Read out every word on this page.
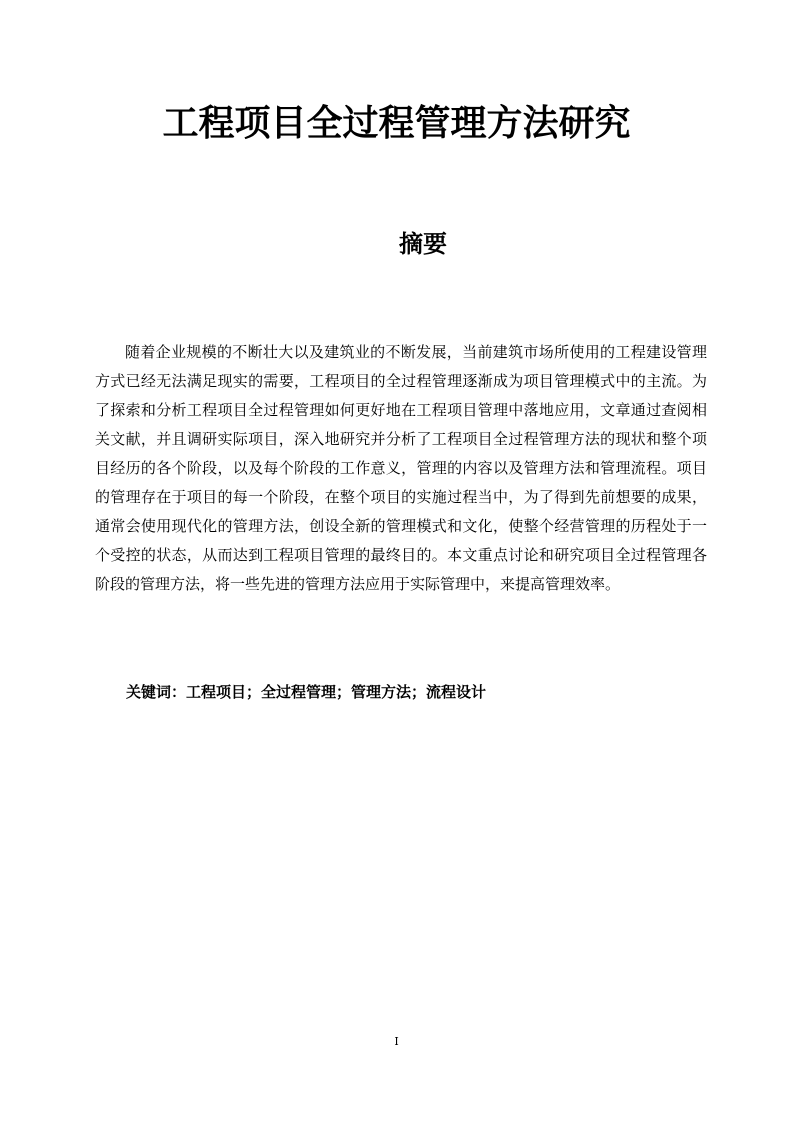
工程项目全过程管理方法研究
摘要

随着企业规模的不断壮大以及建筑业的不断发展，当前建筑市场所使用的工程建设管理方式已经无法满足现实的需要，工程项目的全过程管理逐渐成为项目管理模式中的主流。为了探索和分析工程项目全过程管理如何更好地在工程项目管理中落地应用，文章通过查阅相关文献，并且调研实际项目，深入地研究并分析了工程项目全过程管理方法的现状和整个项目经历的各个阶段，以及每个阶段的工作意义，管理的内容以及管理方法和管理流程。项目的管理存在于项目的每一个阶段，在整个项目的实施过程当中，为了得到先前想要的成果，通常会使用现代化的管理方法，创设全新的管理模式和文化，使整个经营管理的历程处于一个受控的状态，从而达到工程项目管理的最终目的。本文重点讨论和研究项目全过程管理各阶段的管理方法，将一些先进的管理方法应用于实际管理中，来提高管理效率。

关键词：工程项目；全过程管理；管理方法；流程设计
I
